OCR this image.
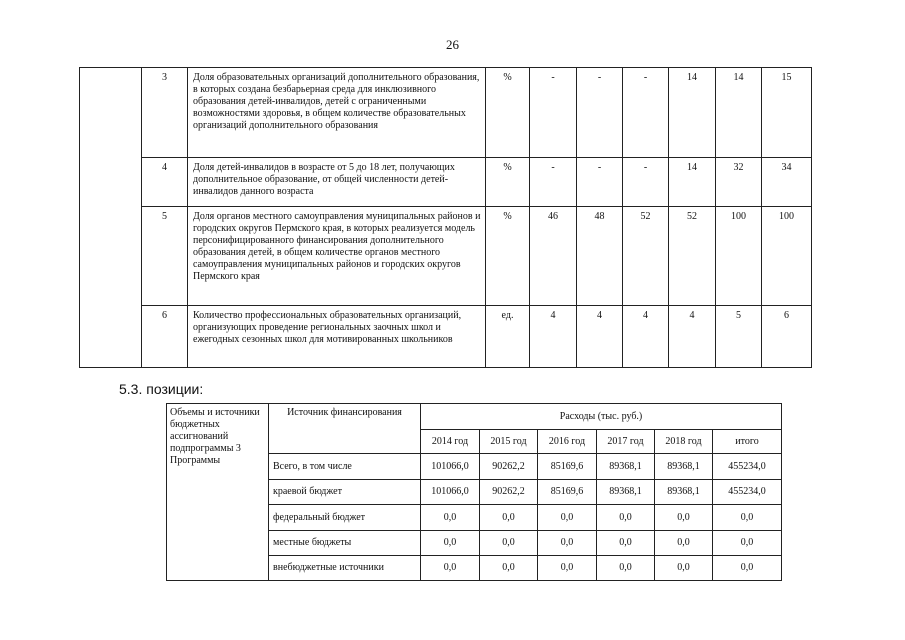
26
	3	Доля образовательных организаций дополнительного образования, в которых создана безбарьерная среда для инклюзивного образования детей-инвалидов, детей с ограниченными возможностями здоровья, в общем количестве образовательных организаций дополнительного образования	%	-	-	-	14	14	15
	4	Доля детей-инвалидов в возрасте от 5 до 18 лет, получающих дополнительное образование, от общей численности детей-инвалидов данного возраста	%	-	-	-	14	32	34
	5	Доля органов местного самоуправления муниципальных районов и городских округов Пермского края, в которых реализуется модель персонифицированного финансирования дополнительного образования детей, в общем количестве органов местного самоуправления муниципальных районов и городских округов Пермского края	%	46	48	52	52	100	100
	6	Количество профессиональных образовательных организаций, организующих проведение региональных заочных школ и ежегодных сезонных школ для мотивированных школьников	ед.	4	4	4	4	5	6
5.3. позиции:
Объемы и источники бюджетных ассигнований подпрограммы 3 Программы	Источник финансирования	Расходы (тыс. руб.)					
		2014 год	2015 год	2016 год	2017 год	2018 год	итого
	Всего, в том числе	101066,0	90262,2	85169,6	89368,1	89368,1	455234,0
	краевой бюджет	101066,0	90262,2	85169,6	89368,1	89368,1	455234,0
	федеральный бюджет	0,0	0,0	0,0	0,0	0,0	0,0
	местные бюджеты	0,0	0,0	0,0	0,0	0,0	0,0
	внебюджетные источники	0,0	0,0	0,0	0,0	0,0	0,0
